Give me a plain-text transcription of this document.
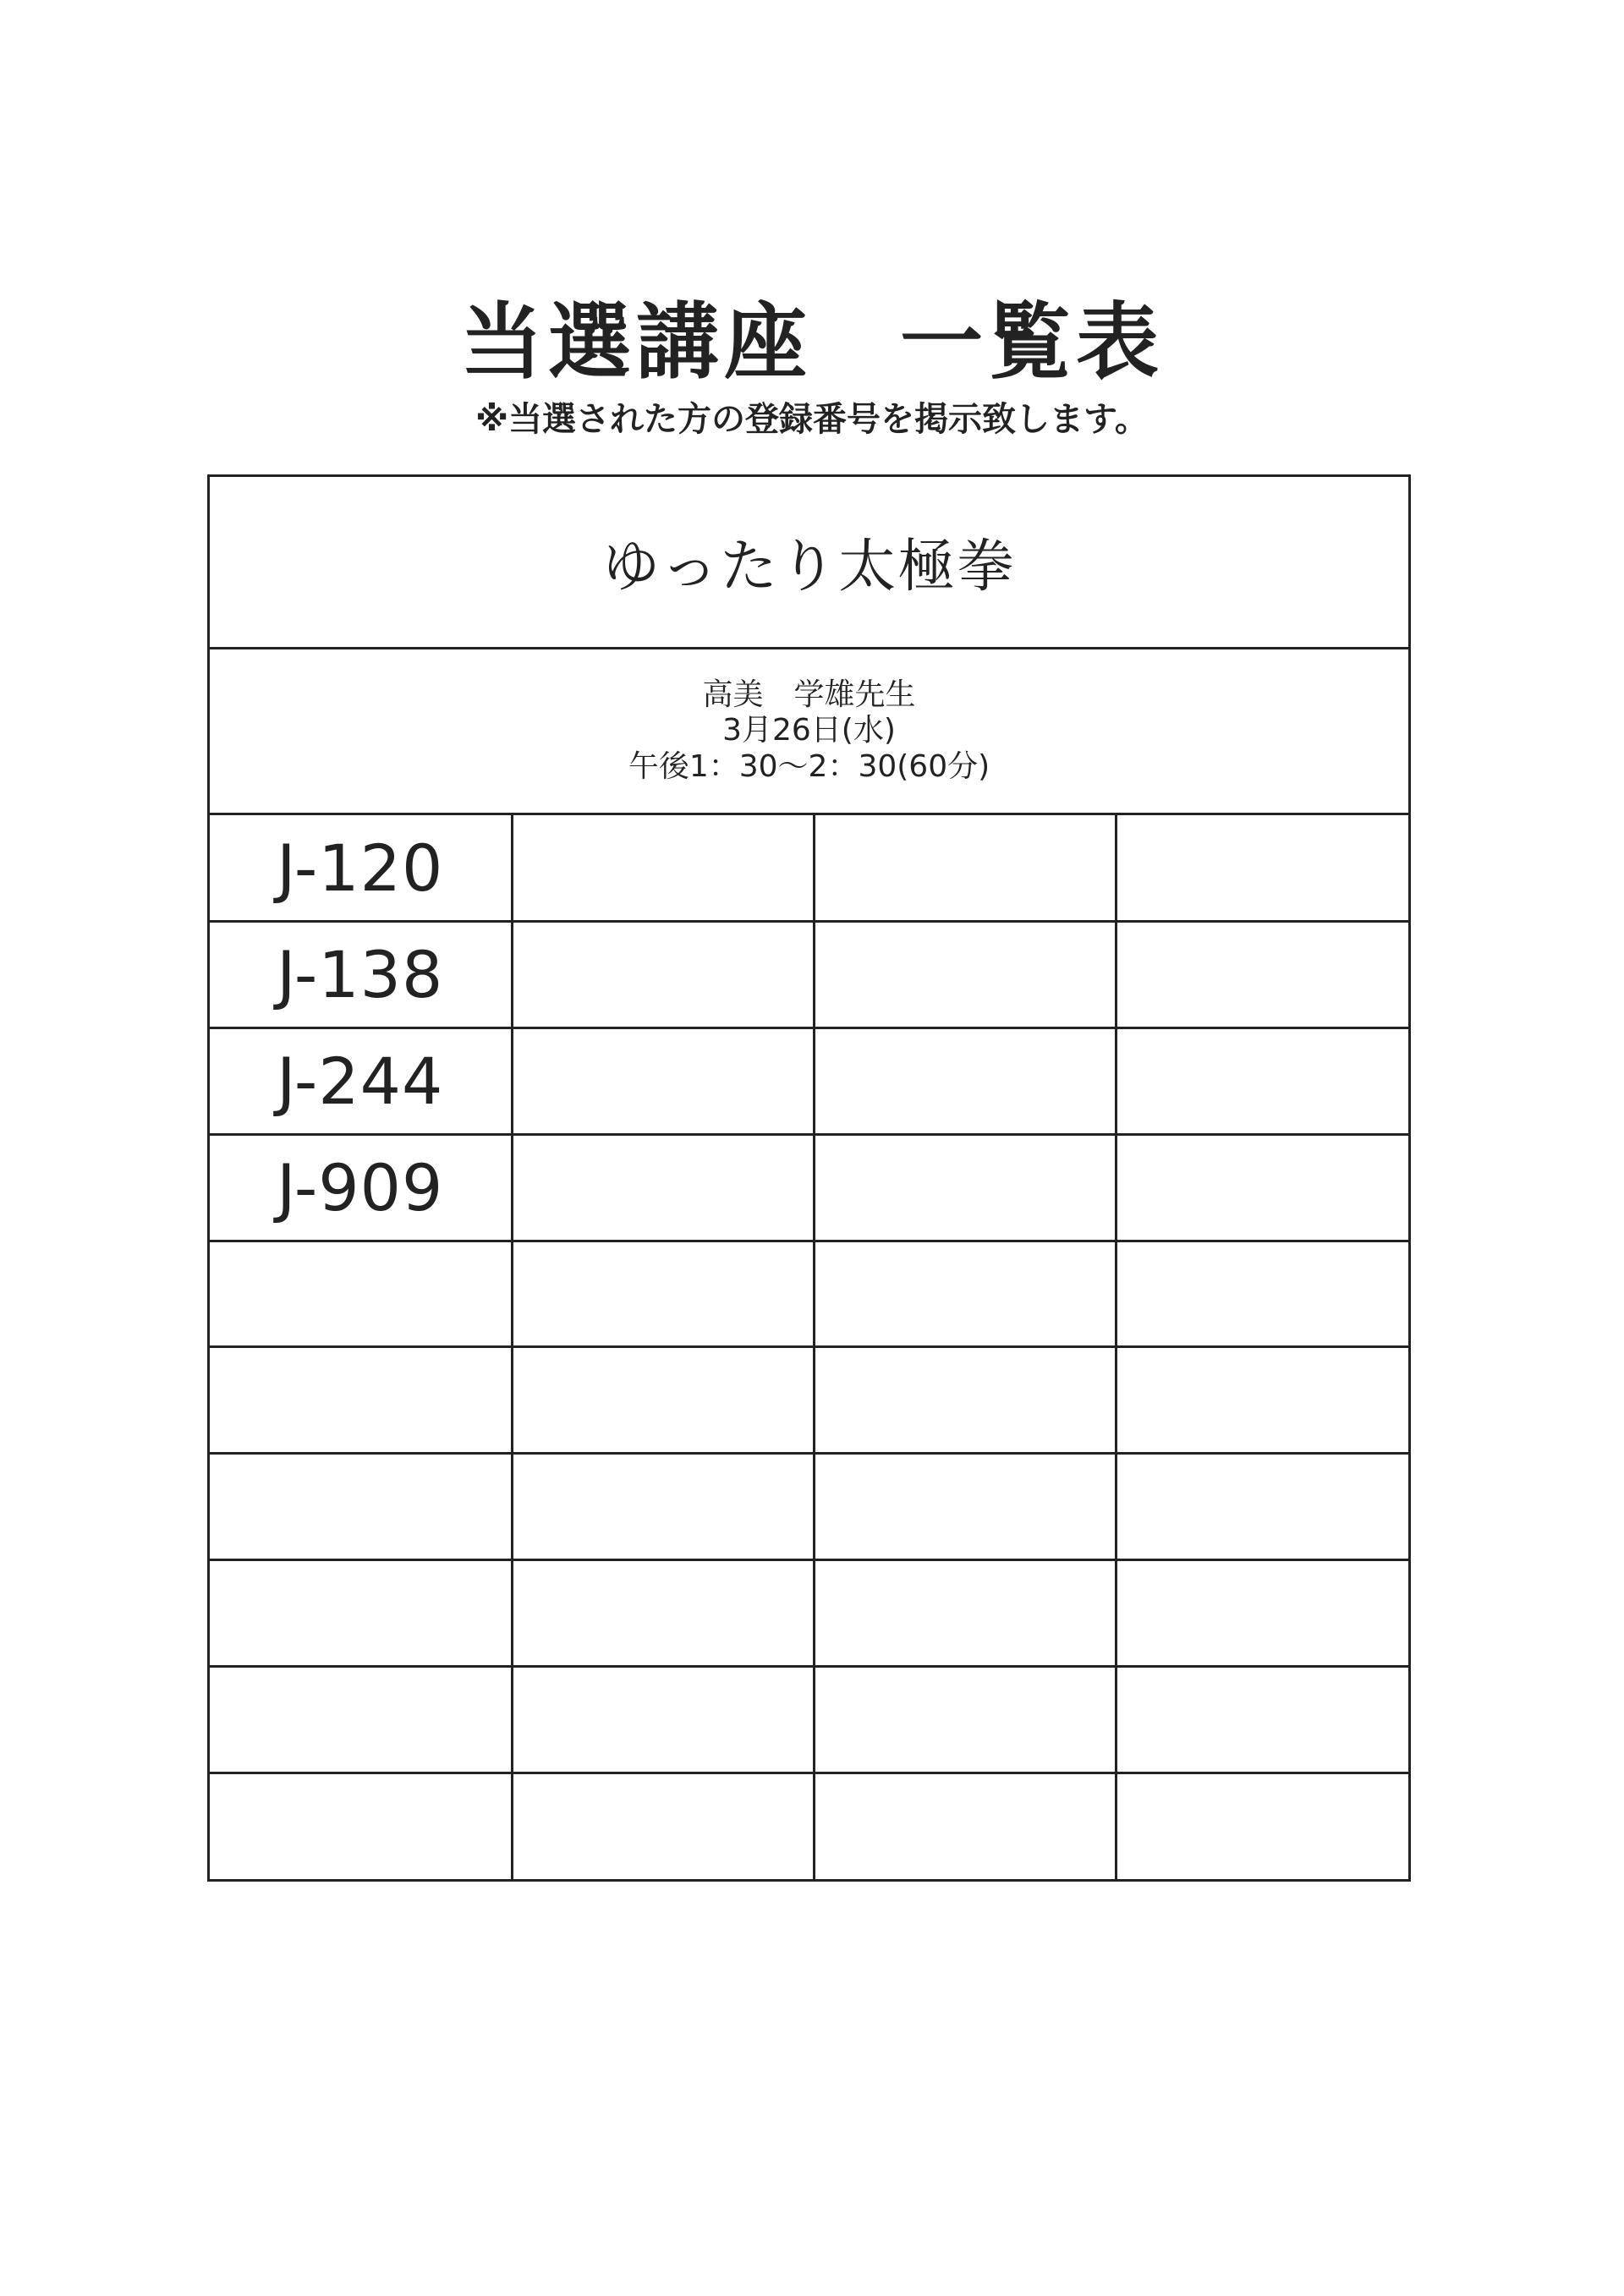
当選講座　一覧表
※当選された方の登録番号を掲示致します。
ゆったり太極拳
高美　学雄先生
3月26日(水)
午後1：30〜2：30(60分)
J-120			
J-138			
J-244			
J-909			
